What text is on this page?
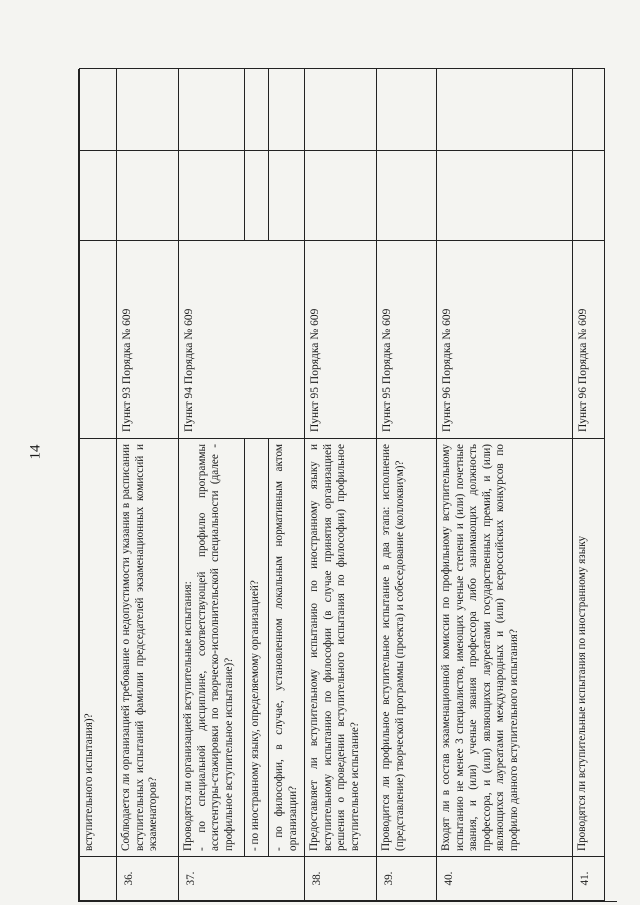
14
	вступительного испытания)?			
36.	Соблюдается ли организацией требование о недопустимости указания в расписании вступительных испытаний фамилии председателей экзаменационных комиссий и экзаменаторов?	Пункт 93 Порядка № 609		
37.	Проводятся ли организацией вступительные испытания: - по специальной дисциплине, соответствующей профилю программы ассистентуры-стажировки по творческо-исполнительской специальности (далее - профильное вступительное испытание)?	Пункт 94 Порядка № 609		
	- по иностранному языку, определяемому организацией?			
	- по философии, в случае, установленном локальным нормативным актом организации?			
38.	Предоставляет ли вступительному испытанию по иностранному языку и вступительному испытанию по философии (в случае принятия организацией решения о проведении вступительного испытания по философии) профильное вступительное испытание?	Пункт 95 Порядка № 609		
39.	Проводится ли профильное вступительное испытание в два этапа: исполнение (представление) творческой программы (проекта) и собеседование (коллоквиум)?	Пункт 95 Порядка № 609		
40.	Входят ли в состав экзаменационной комиссии по профильному вступительному испытанию не менее 3 специалистов, имеющих ученые степени и (или) почетные звания, и (или) ученые звания профессора либо занимающих должность профессора, и (или) являющихся лауреатами государственных премий, и (или) являющихся лауреатами международных и (или) всероссийских конкурсов по профилю данного вступительного испытания?	Пункт 96 Порядка № 609		
41.	Проводятся ли вступительные испытания по иностранному языку	Пункт 96 Порядка № 609		
